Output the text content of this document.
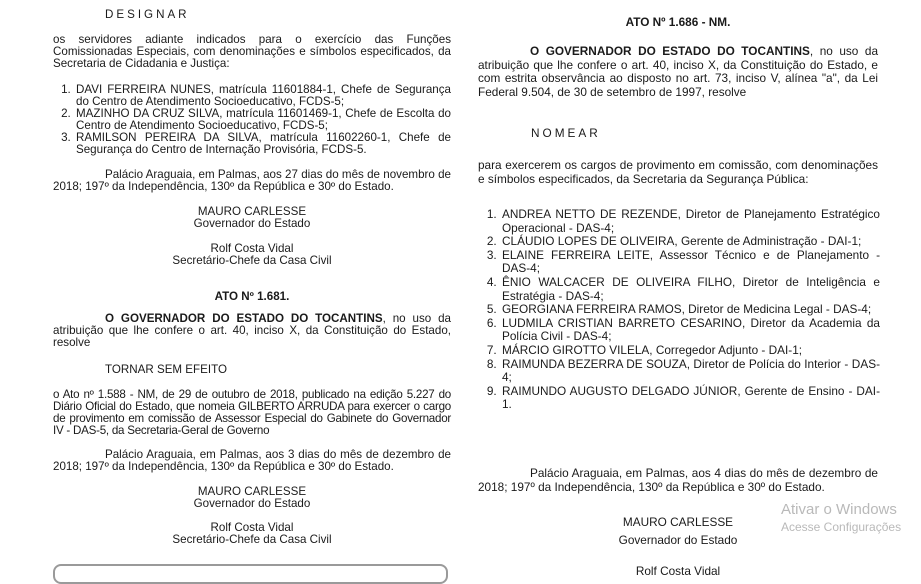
DESIGNAR

os servidores adiante indicados para o exercício das Funções Comissionadas Especiais, com denominações e símbolos especificados, da Secretaria de Cidadania e Justiça:

1. DAVI FERREIRA NUNES, matrícula 11601884-1, Chefe de Segurança do Centro de Atendimento Socioeducativo, FCDS-5;
2. MAZINHO DA CRUZ SILVA, matrícula 11601469-1, Chefe de Escolta do Centro de Atendimento Socioeducativo, FCDS-5;
3. RAMILSON PEREIRA DA SILVA, matrícula 11602260-1, Chefe de Segurança do Centro de Internação Provisória, FCDS-5.

Palácio Araguaia, em Palmas, aos 27 dias do mês de novembro de 2018; 197º da Independência, 130º da República e 30º do Estado.

MAURO CARLESSE

Governador do Estado

Rolf Costa Vidal

Secretário-Chefe da Casa Civil

ATO Nº 1.681.

O GOVERNADOR DO ESTADO DO TOCANTINS, no uso da atribuição que lhe confere o art. 40, inciso X, da Constituição do Estado, resolve

TORNAR SEM EFEITO

o Ato nº 1.588 - NM, de 29 de outubro de 2018, publicado na edição 5.227 do Diário Oficial do Estado, que nomeia GILBERTO ARRUDA para exercer o cargo de provimento em comissão de Assessor Especial do Gabinete do Governador IV - DAS-5, da Secretaria-Geral de Governo

Palácio Araguaia, em Palmas, aos 3 dias do mês de dezembro de 2018; 197º da Independência, 130º da República e 30º do Estado.

MAURO CARLESSE

Governador do Estado

Rolf Costa Vidal

Secretário-Chefe da Casa Civil

ATO Nº 1.686 - NM.

O GOVERNADOR DO ESTADO DO TOCANTINS, no uso da atribuição que lhe confere o art. 40, inciso X, da Constituição do Estado, e com estrita observância ao disposto no art. 73, inciso V, alínea "a", da Lei Federal 9.504, de 30 de setembro de 1997, resolve

NOMEAR

para exercerem os cargos de provimento em comissão, com denominações e símbolos especificados, da Secretaria da Segurança Pública:

1. ANDREA NETTO DE REZENDE, Diretor de Planejamento Estratégico Operacional - DAS-4;
2. CLÁUDIO LOPES DE OLIVEIRA, Gerente de Administração - DAI-1;
3. ELAINE FERREIRA LEITE, Assessor Técnico e de Planejamento - DAS-4;
4. ÊNIO WALCACER DE OLIVEIRA FILHO, Diretor de Inteligência e Estratégia - DAS-4;
5. GEORGIANA FERREIRA RAMOS, Diretor de Medicina Legal - DAS-4;
6. LUDMILA CRISTIAN BARRETO CESARINO, Diretor da Academia da Polícia Civil - DAS-4;
7. MÁRCIO GIROTTO VILELA, Corregedor Adjunto - DAI-1;
8. RAIMUNDA BEZERRA DE SOUZA, Diretor de Polícia do Interior - DAS-4;
9. RAIMUNDO AUGUSTO DELGADO JÚNIOR, Gerente de Ensino - DAI-1.

Palácio Araguaia, em Palmas, aos 4 dias do mês de dezembro de 2018; 197º da Independência, 130º da República e 30º do Estado.

MAURO CARLESSE

Governador do Estado

Rolf Costa Vidal

Ativar o Windows
Acesse Configurações
